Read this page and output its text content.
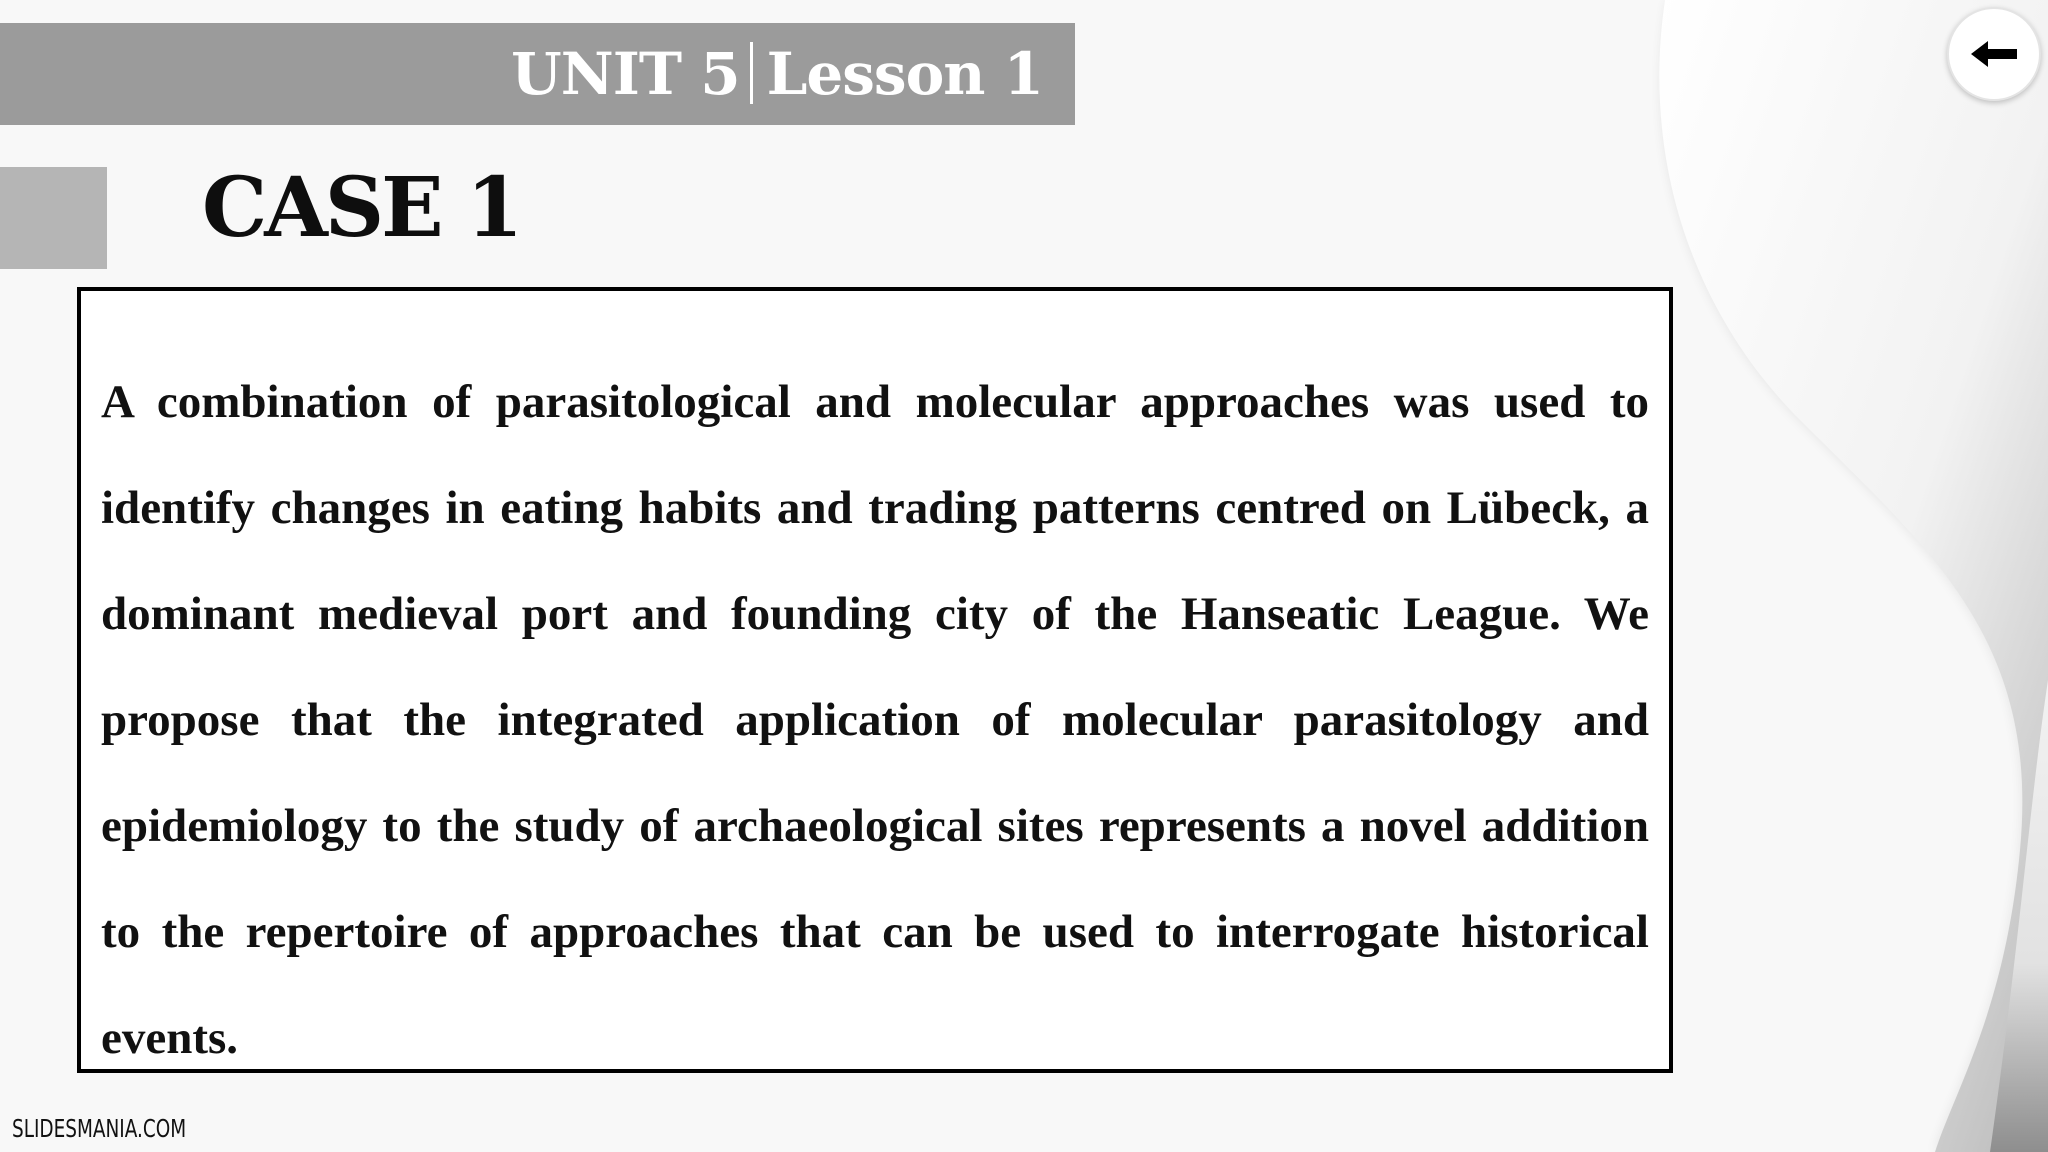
UNIT 5 Lesson 1
CASE 1

A combination of parasitological and molecular approaches was used to identify changes in eating habits and trading patterns centred on Lübeck, a dominant medieval port and founding city of the Hanseatic League. We propose that the integrated application of molecular parasitology and epidemiology to the study of archaeological sites represents a novel addition to the repertoire of approaches that can be used to interrogate historical events.

SLIDESMANIA.COM
